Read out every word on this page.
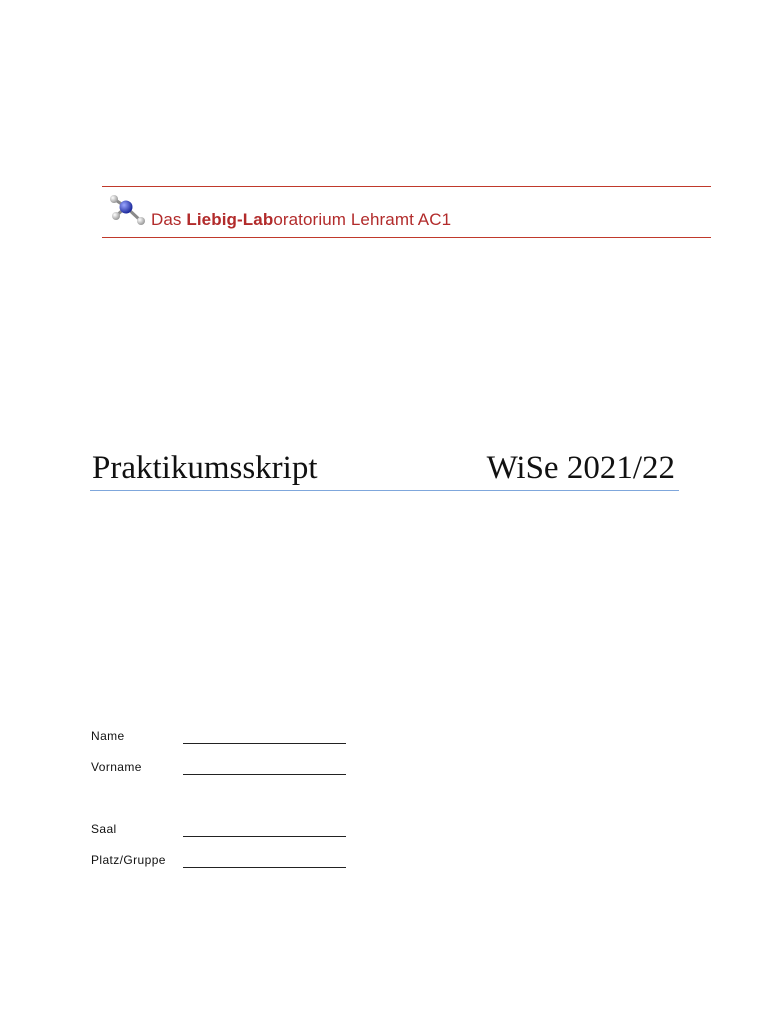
Das Liebig-Laboratorium Lehramt AC1
Praktikumsskript	WiSe 2021/22
Name
Vorname
Saal
Platz/Gruppe
